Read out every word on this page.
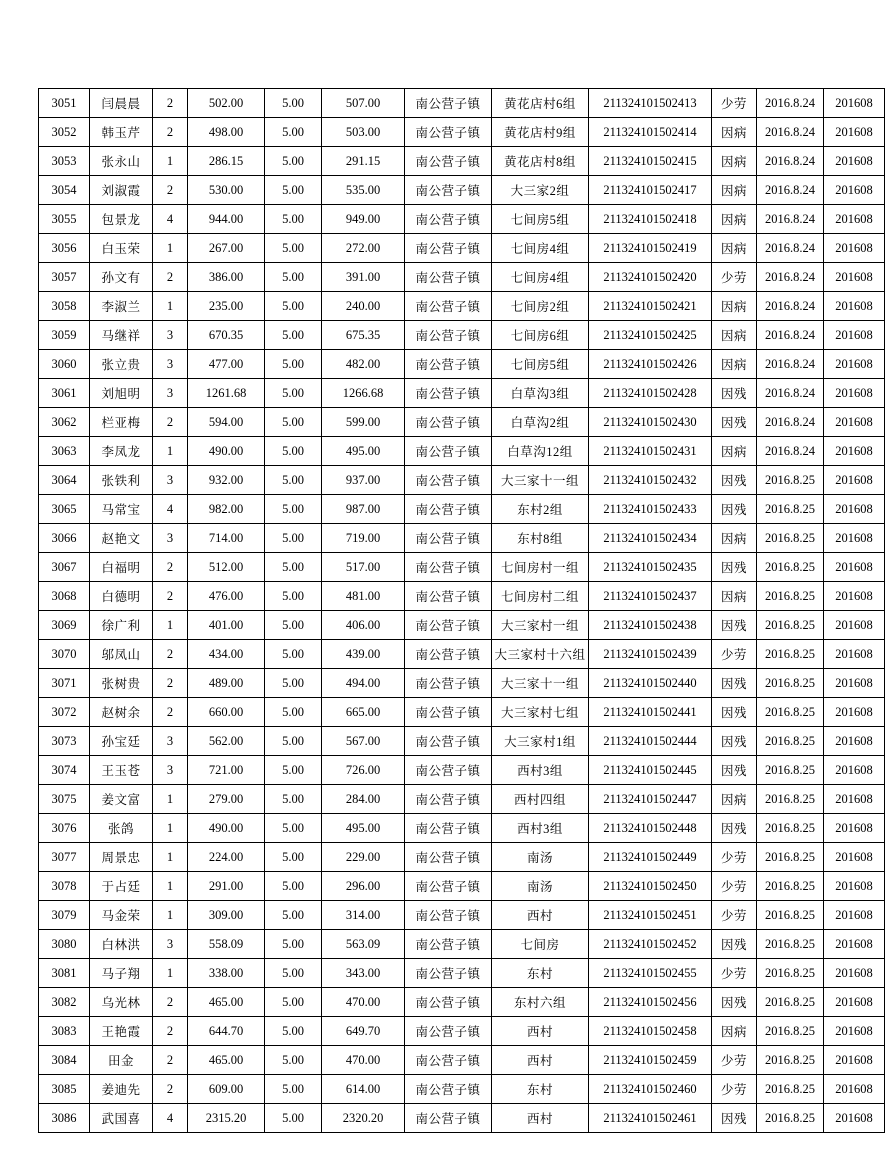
3051	闫晨晨	2	502.00	5.00	507.00	南公营子镇	黄花店村6组	211324101502413	少劳	2016.8.24	201608
3052	韩玉芹	2	498.00	5.00	503.00	南公营子镇	黄花店村9组	211324101502414	因病	2016.8.24	201608
3053	张永山	1	286.15	5.00	291.15	南公营子镇	黄花店村8组	211324101502415	因病	2016.8.24	201608
3054	刘淑霞	2	530.00	5.00	535.00	南公营子镇	大三家2组	211324101502417	因病	2016.8.24	201608
3055	包景龙	4	944.00	5.00	949.00	南公营子镇	七间房5组	211324101502418	因病	2016.8.24	201608
3056	白玉荣	1	267.00	5.00	272.00	南公营子镇	七间房4组	211324101502419	因病	2016.8.24	201608
3057	孙文有	2	386.00	5.00	391.00	南公营子镇	七间房4组	211324101502420	少劳	2016.8.24	201608
3058	李淑兰	1	235.00	5.00	240.00	南公营子镇	七间房2组	211324101502421	因病	2016.8.24	201608
3059	马继祥	3	670.35	5.00	675.35	南公营子镇	七间房6组	211324101502425	因病	2016.8.24	201608
3060	张立贵	3	477.00	5.00	482.00	南公营子镇	七间房5组	211324101502426	因病	2016.8.24	201608
3061	刘旭明	3	1261.68	5.00	1266.68	南公营子镇	白草沟3组	211324101502428	因残	2016.8.24	201608
3062	栏亚梅	2	594.00	5.00	599.00	南公营子镇	白草沟2组	211324101502430	因残	2016.8.24	201608
3063	李凤龙	1	490.00	5.00	495.00	南公营子镇	白草沟12组	211324101502431	因病	2016.8.24	201608
3064	张铁利	3	932.00	5.00	937.00	南公营子镇	大三家十一组	211324101502432	因残	2016.8.25	201608
3065	马常宝	4	982.00	5.00	987.00	南公营子镇	东村2组	211324101502433	因残	2016.8.25	201608
3066	赵艳文	3	714.00	5.00	719.00	南公营子镇	东村8组	211324101502434	因病	2016.8.25	201608
3067	白福明	2	512.00	5.00	517.00	南公营子镇	七间房村一组	211324101502435	因残	2016.8.25	201608
3068	白德明	2	476.00	5.00	481.00	南公营子镇	七间房村二组	211324101502437	因病	2016.8.25	201608
3069	徐广利	1	401.00	5.00	406.00	南公营子镇	大三家村一组	211324101502438	因残	2016.8.25	201608
3070	邬凤山	2	434.00	5.00	439.00	南公营子镇	大三家村十六组	211324101502439	少劳	2016.8.25	201608
3071	张树贵	2	489.00	5.00	494.00	南公营子镇	大三家十一组	211324101502440	因残	2016.8.25	201608
3072	赵树余	2	660.00	5.00	665.00	南公营子镇	大三家村七组	211324101502441	因残	2016.8.25	201608
3073	孙宝廷	3	562.00	5.00	567.00	南公营子镇	大三家村1组	211324101502444	因残	2016.8.25	201608
3074	王玉苍	3	721.00	5.00	726.00	南公营子镇	西村3组	211324101502445	因残	2016.8.25	201608
3075	姜文富	1	279.00	5.00	284.00	南公营子镇	西村四组	211324101502447	因病	2016.8.25	201608
3076	张鸽	1	490.00	5.00	495.00	南公营子镇	西村3组	211324101502448	因残	2016.8.25	201608
3077	周景忠	1	224.00	5.00	229.00	南公营子镇	南汤	211324101502449	少劳	2016.8.25	201608
3078	于占廷	1	291.00	5.00	296.00	南公营子镇	南汤	211324101502450	少劳	2016.8.25	201608
3079	马金荣	1	309.00	5.00	314.00	南公营子镇	西村	211324101502451	少劳	2016.8.25	201608
3080	白林洪	3	558.09	5.00	563.09	南公营子镇	七间房	211324101502452	因残	2016.8.25	201608
3081	马子翔	1	338.00	5.00	343.00	南公营子镇	东村	211324101502455	少劳	2016.8.25	201608
3082	乌光林	2	465.00	5.00	470.00	南公营子镇	东村六组	211324101502456	因残	2016.8.25	201608
3083	王艳霞	2	644.70	5.00	649.70	南公营子镇	西村	211324101502458	因病	2016.8.25	201608
3084	田金	2	465.00	5.00	470.00	南公营子镇	西村	211324101502459	少劳	2016.8.25	201608
3085	姜迪先	2	609.00	5.00	614.00	南公营子镇	东村	211324101502460	少劳	2016.8.25	201608
3086	武国喜	4	2315.20	5.00	2320.20	南公营子镇	西村	211324101502461	因残	2016.8.25	201608
